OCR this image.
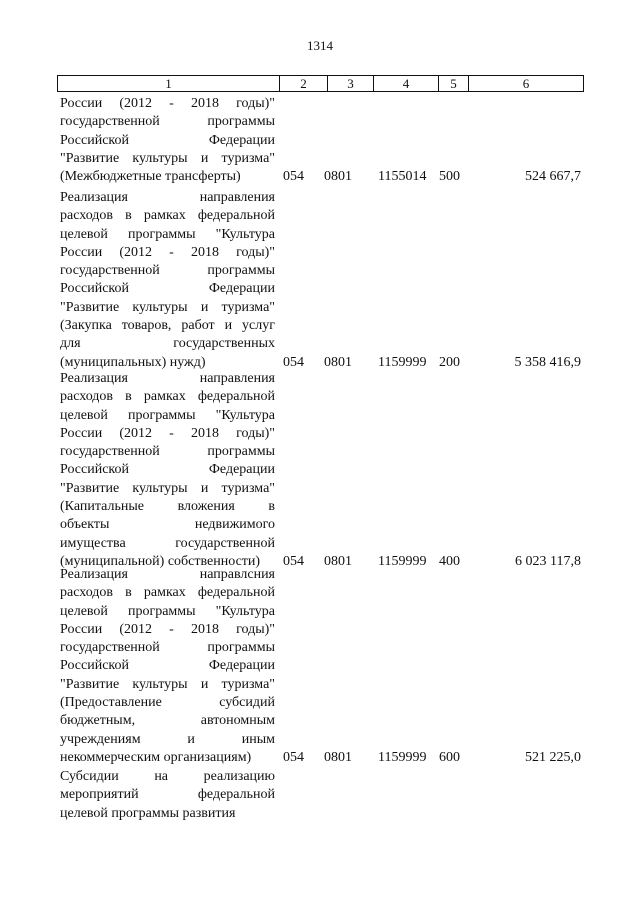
1314
1	2	3	4	5	6
России (2012 - 2018 годы)"
государственной программы
Российской Федерации
"Развитие культуры и туризма"
(Межбюджетные трансферты)	054	0801	1155014 500	524 667,7
Реализация направления
расходов в рамках федеральной
целевой программы "Культура
России (2012 - 2018 годы)"
государственной программы
Российской Федерации
"Развитие культуры и туризма"
(Закупка товаров, работ и услуг
для государственных
(муниципальных) нужд)	054	0801	1159999 200	5 358 416,9
Реализация направления
расходов в рамках федеральной
целевой программы "Культура
России (2012 - 2018 годы)"
государственной программы
Российской Федерации
"Развитие культуры и туризма"
(Капитальные вложения в
объекты недвижимого
имущества государственной
(муниципальной) собственности)	054	0801	1159999 400	6 023 117,8
Реализация направлсния
расходов в рамках федеральной
целевой программы "Культура
России (2012 - 2018 годы)"
государственной программы
Российской Федерации
"Развитие культуры и туризма"
(Предоставление субсидий
бюджетным, автономным
учреждениям и иным
некоммерческим организациям)	054	0801	1159999 600	521 225,0
Субсидии на реализацию
мероприятий федеральной
целевой программы развития
